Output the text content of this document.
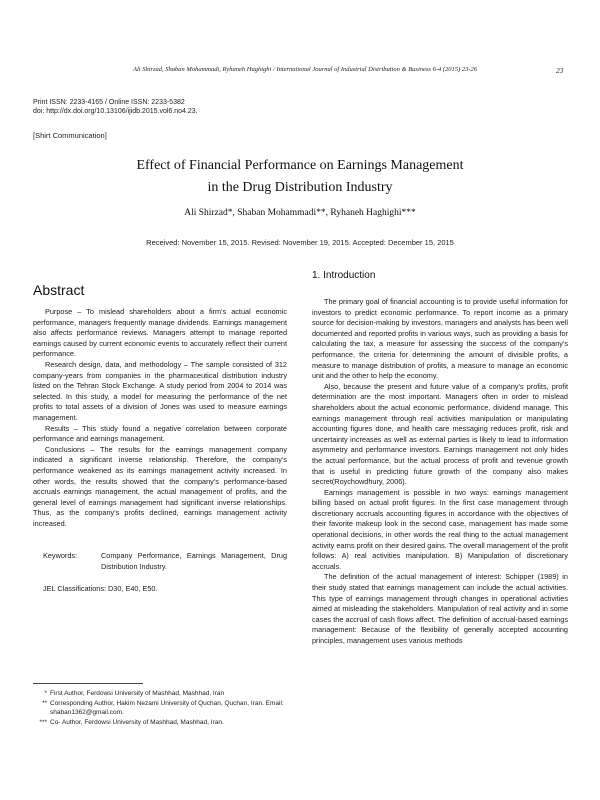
Ali Shirzad, Shaban Mohammadi, Ryhaneh Haghighi / International Journal of Industrial Distribution & Business 6-4 (2015) 23-26	23
Print ISSN: 2233-4165 / Online ISSN: 2233-5382
doi: http://dx.doi.org/10.13106/ijidb.2015.vol6.no4.23.
[Shirt Communication]
Effect of Financial Performance on Earnings Management
in the Drug Distribution Industry
Ali Shirzad*, Shaban Mohammadi**, Ryhaneh Haghighi***
Received: November 15, 2015. Revised: November 19, 2015. Accepted: December 15, 2015
Abstract

Purpose – To mislead shareholders about a firm's actual economic performance, managers frequently manage dividends. Earnings management also affects performance reviews. Managers attempt to manage reported earnings caused by current economic events to accurately reflect their current performance.

Research design, data, and methodology – The sample consisted of 312 company-years from companies in the pharmaceutical distribution industry listed on the Tehran Stock Exchange. A study period from 2004 to 2014 was selected. In this study, a model for measuring the performance of the net profits to total assets of a division of Jones was used to measure earnings management.

Results – This study found a negative correlation between corporate performance and earnings management.

Conclusions – The results for the earnings management company indicated a significant inverse relationship. Therefore, the company's performance weakened as its earnings management activity increased. In other words, the results showed that the company's performance-based accruals earnings management, the actual management of profits, and the general level of earnings management had significant inverse relationships. Thus, as the company's profits declined, earnings management activity increased.

Keywords:	Company Performance, Earnings Management, Drug Distribution Industry.
JEL Classifications: D30, E40, E50.
1. Introduction

The primary goal of financial accounting is to provide useful information for investors to predict economic performance. To report income as a primary source for decision-making by investors, managers and analysts has been well documented and reported profits in various ways, such as providing a basis for calculating the tax, a measure for assessing the success of the company's performance, the criteria for determining the amount of divisible profits, a measure to manage distribution of profits, a measure to manage an economic unit and the other to help the economy.

Also, because the present and future value of a company's profits, profit determination are the most important. Managers often in order to mislead shareholders about the actual economic performance, dividend manage. This earnings management through real activities manipulation or manipulating accounting figures done, and health care messaging reduces profit, risk and uncertainty increases as well as external parties is likely to lead to information asymmetry and performance investors. Earnings management not only hides the actual performance, but the actual process of profit and revenue growth that is useful in predicting future growth of the company also makes secret(Roychowdhury, 2006).

Earnings management is possible in two ways: earnings management billing based on actual profit figures. In the first case management through discretionary accruals accounting figures in accordance with the objectives of their favorite makeup look in the second case, management has made some operational decisions, in other words the real thing to the actual management activity earns profit on their desired gains. The overall management of the profit follows: A) real activities manipulation. B) Manipulation of discretionary accruals.

The definition of the actual management of interest: Schipper (1989) in their study stated that earnings management can include the actual activities. This type of earnings management through changes in operational activities aimed at misleading the stakeholders. Manipulation of real activity and in some cases the accrual of cash flows affect. The definition of accrual-based earnings management: Because of the flexibility of generally accepted accounting principles, management uses various methods

* First Author, Ferdowsi University of Mashhad, Mashhad, Iran
** Corresponding Author, Hakim Nezami University of Quchan, Quchan, Iran. Email: shaban1362@gmail.com.
*** Co- Author, Ferdowsi University of Mashhad, Mashhad, Iran.
